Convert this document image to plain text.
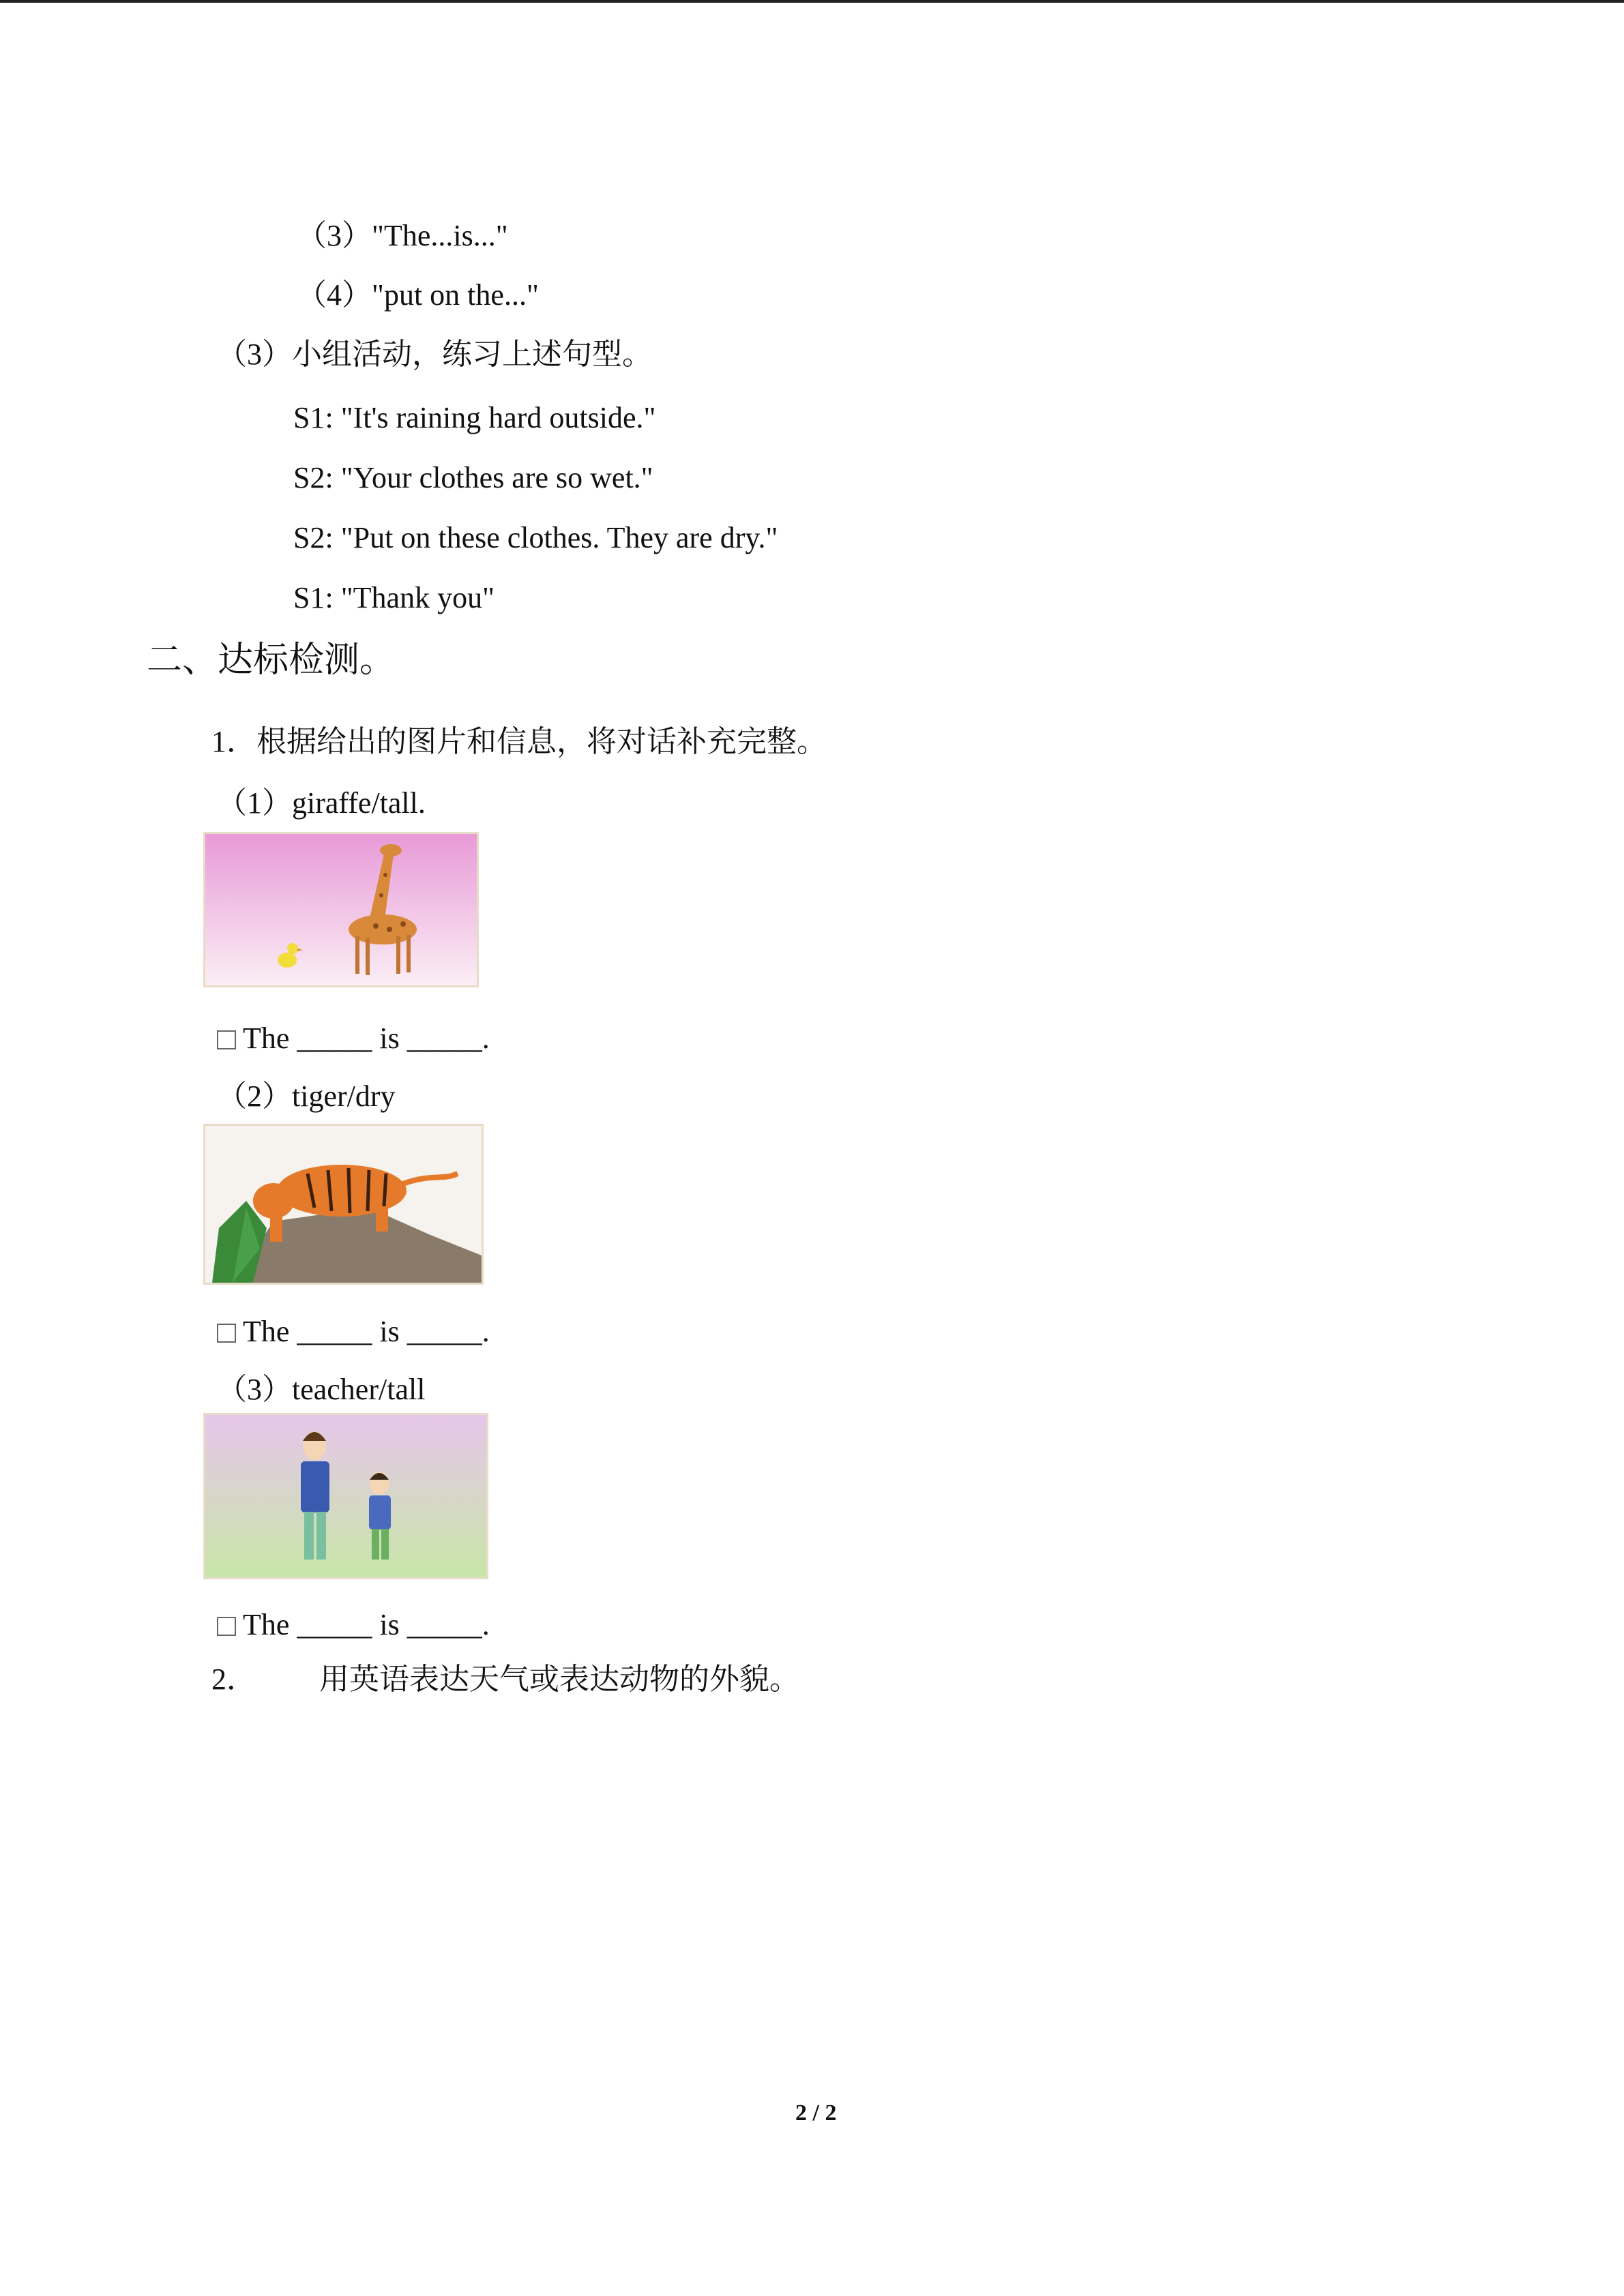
（3）"The...is..."
（4）"put on the..."
（3）小组活动，练习上述句型。
S1: "It's raining hard outside."
S2: "Your clothes are so wet."
S2: "Put on these clothes. They are dry."
S1: "Thank you"
二、达标检测。
1．根据给出的图片和信息，将对话补充完整。
（1）giraffe/tall.
The _____ is _____.
（2）tiger/dry
The _____ is _____.
（3）teacher/tall
The _____ is _____.
2． 用英语表达天气或表达动物的外貌。
2 / 2
